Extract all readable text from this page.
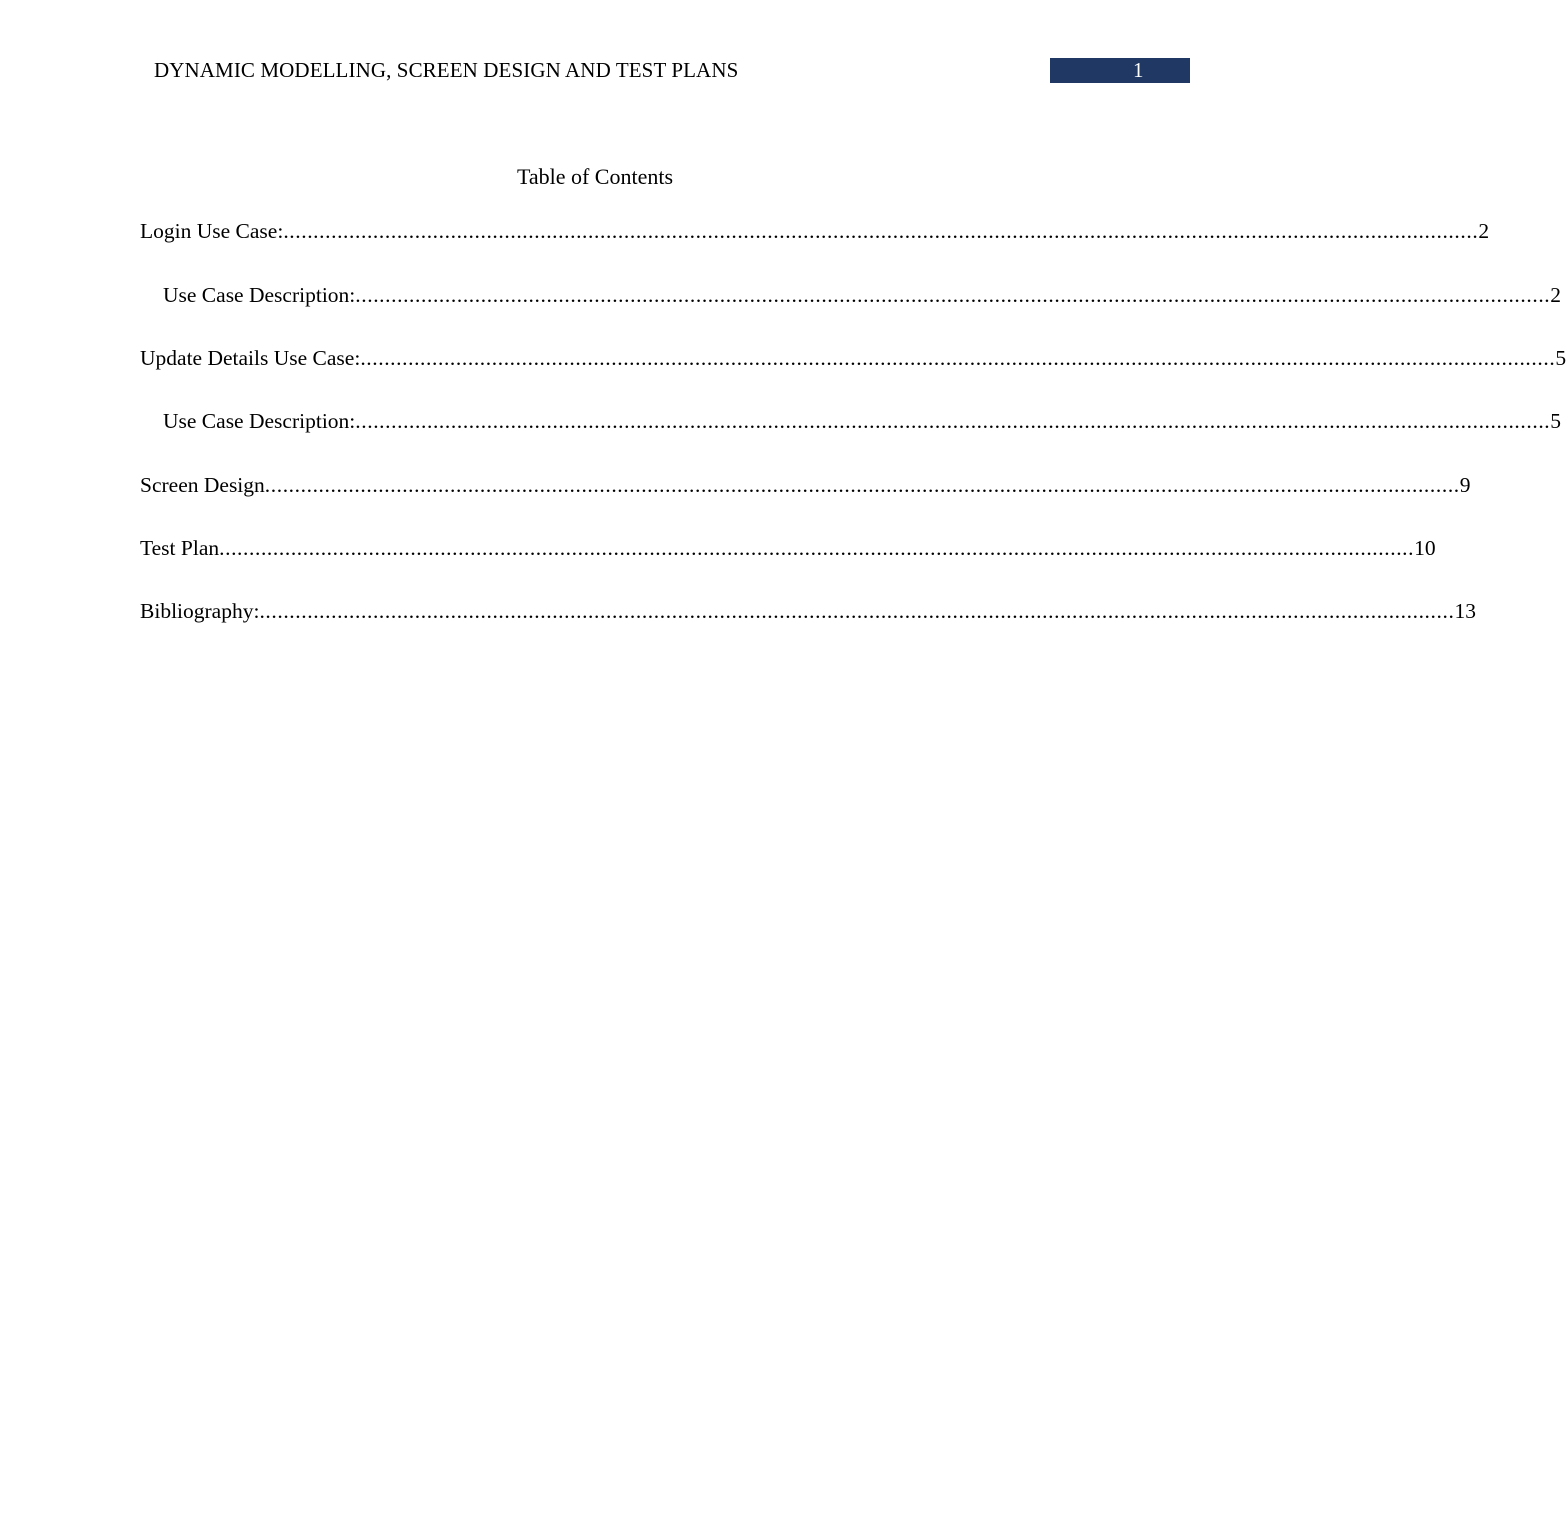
DYNAMIC MODELLING, SCREEN DESIGN AND TEST PLANS	1
Table of Contents
Login Use Case: ........................................................................................................................................................................................................ 2
Use Case Description: ........................................................................................................................................................................................................ 2
Update Details Use Case: ........................................................................................................................................................................................................ 5
Use Case Description: ........................................................................................................................................................................................................ 5
Screen Design ........................................................................................................................................................................................................ 9
Test Plan ........................................................................................................................................................................................................ 10
Bibliography: ........................................................................................................................................................................................................ 13
